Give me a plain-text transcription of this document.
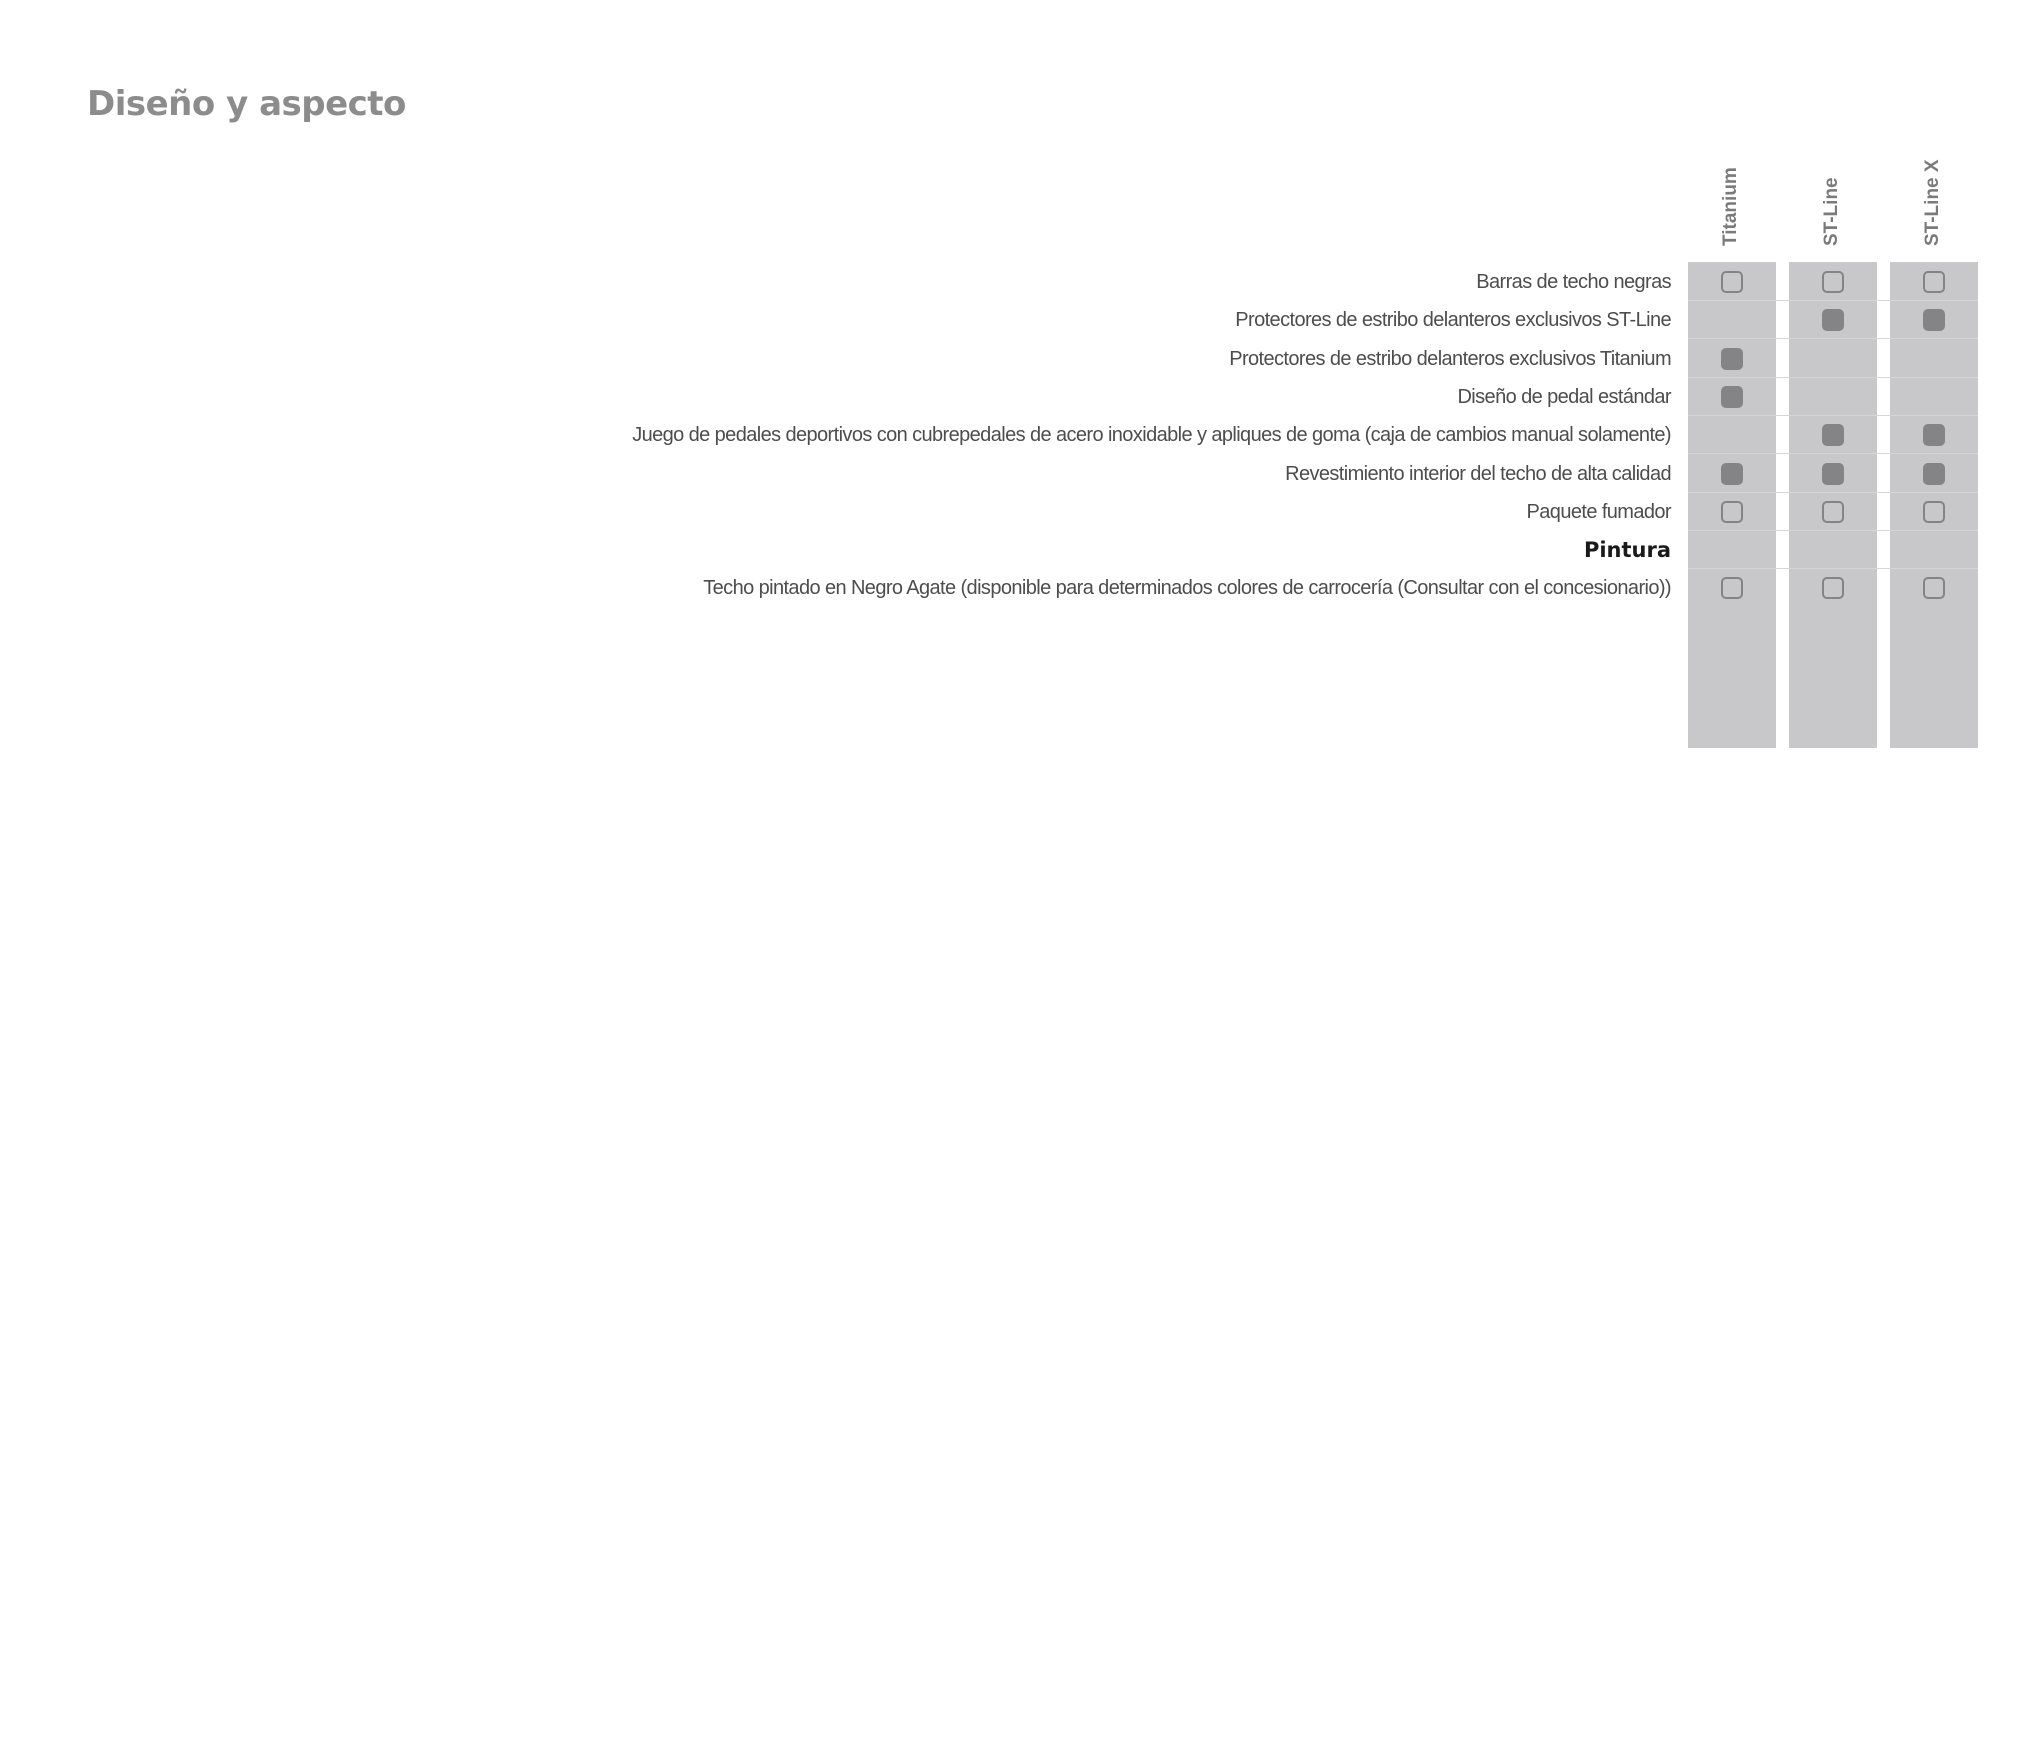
Diseño y aspecto
Titanium	ST-Line	ST-Line X
Barras de techo negras
Protectores de estribo delanteros exclusivos ST-Line
Protectores de estribo delanteros exclusivos Titanium
Diseño de pedal estándar
Juego de pedales deportivos con cubrepedales de acero inoxidable y apliques de goma (caja de cambios manual solamente)
Revestimiento interior del techo de alta calidad
Paquete fumador
Pintura
Techo pintado en Negro Agate (disponible para determinados colores de carrocería (Consultar con el concesionario))
